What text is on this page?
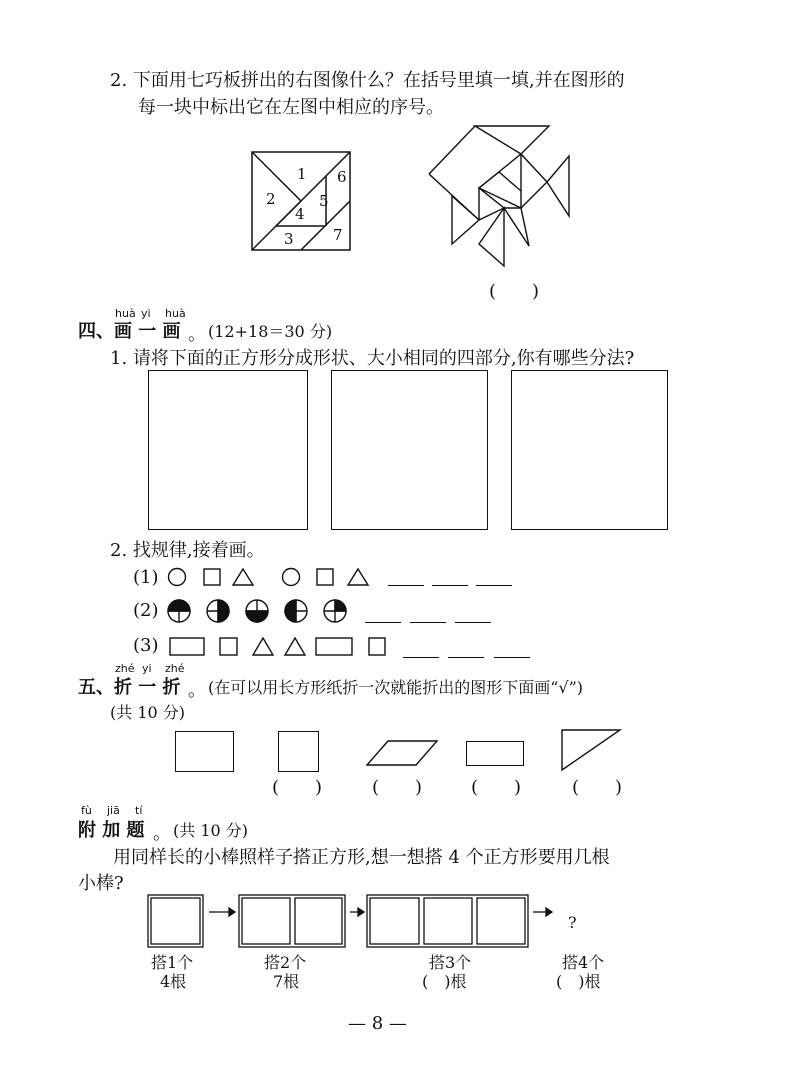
2. 下面用七巧板拼出的右图像什么？在括号里填一填,并在图形的
每一块中标出它在左图中相应的序号。
1
2
3
4
5
6
7
(　　)
huà yi huà
四、画 一 画 。 (12+18＝30 分)
1. 请将下面的正方形分成形状、大小相同的四部分,你有哪些分法?
2. 找规律,接着画。
(1)
(2)
(3)
zhé yi zhé
五、折 一 折 。 (在可以用长方形纸折一次就能折出的图形下面画“√”)
(共 10 分)
(　　)	(　　)	(　　)	(　　)
fù jiā tí
附 加 题 。 (共 10 分)
用同样长的小棒照样子搭正方形,想一想搭 4 个正方形要用几根
小棒?
?
搭1个
4根
搭2个
7根
搭3个
(　)根
搭4个
(　)根
— 8 —
